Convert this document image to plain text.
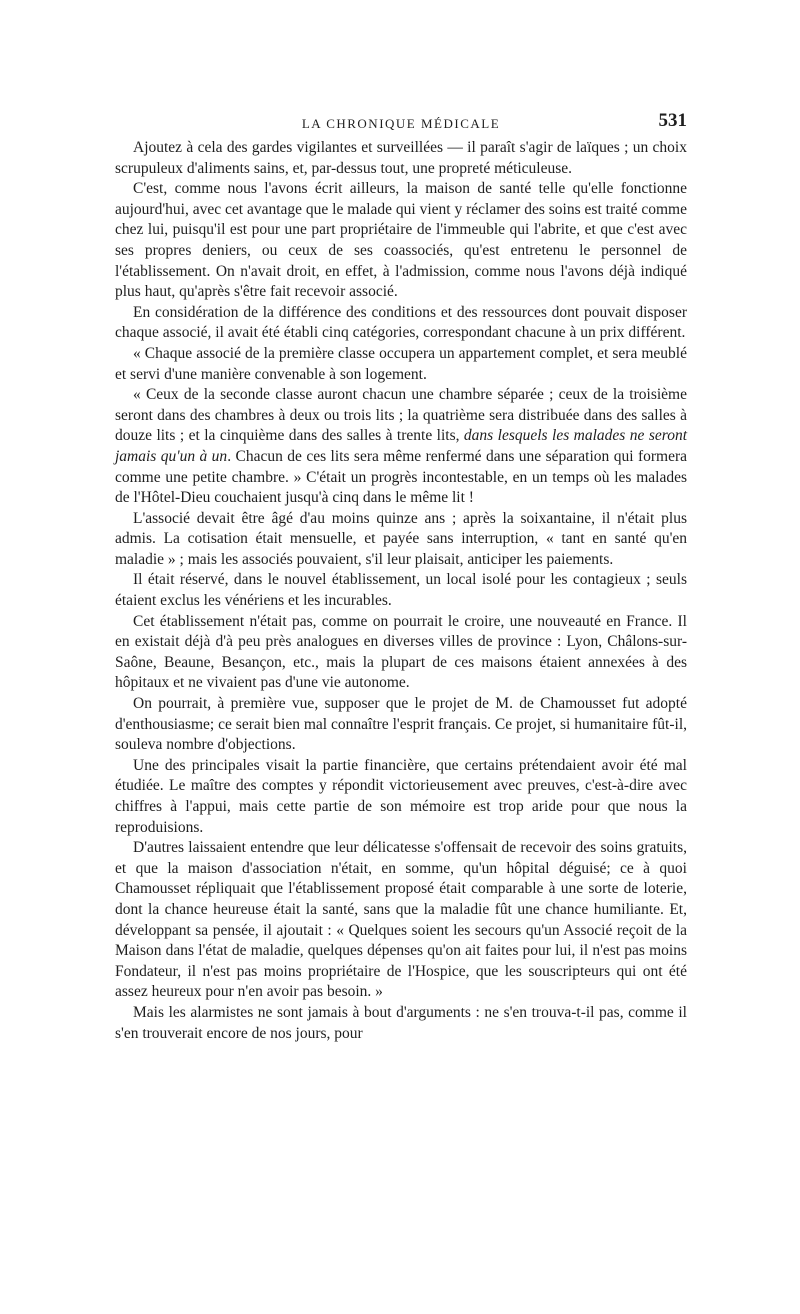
LA CHRONIQUE MÉDICALE	531

Ajoutez à cela des gardes vigilantes et surveillées — il paraît s'agir de laïques ; un choix scrupuleux d'aliments sains, et, par-dessus tout, une propreté méticuleuse.

C'est, comme nous l'avons écrit ailleurs, la maison de santé telle qu'elle fonctionne aujourd'hui, avec cet avantage que le malade qui vient y réclamer des soins est traité comme chez lui, puisqu'il est pour une part propriétaire de l'immeuble qui l'abrite, et que c'est avec ses propres deniers, ou ceux de ses coassociés, qu'est entretenu le personnel de l'établissement. On n'avait droit, en effet, à l'admission, comme nous l'avons déjà indiqué plus haut, qu'après s'être fait recevoir associé.

En considération de la différence des conditions et des ressources dont pouvait disposer chaque associé, il avait été établi cinq catégories, correspondant chacune à un prix différent.

« Chaque associé de la première classe occupera un appartement complet, et sera meublé et servi d'une manière convenable à son logement.

« Ceux de la seconde classe auront chacun une chambre séparée ; ceux de la troisième seront dans des chambres à deux ou trois lits ; la quatrième sera distribuée dans des salles à douze lits ; et la cinquième dans des salles à trente lits, dans lesquels les malades ne seront jamais qu'un à un. Chacun de ces lits sera même renfermé dans une séparation qui formera comme une petite chambre. » C'était un progrès incontestable, en un temps où les malades de l'Hôtel-Dieu couchaient jusqu'à cinq dans le même lit !

L'associé devait être âgé d'au moins quinze ans ; après la soixantaine, il n'était plus admis. La cotisation était mensuelle, et payée sans interruption, « tant en santé qu'en maladie » ; mais les associés pouvaient, s'il leur plaisait, anticiper les paiements.

Il était réservé, dans le nouvel établissement, un local isolé pour les contagieux ; seuls étaient exclus les vénériens et les incurables.

Cet établissement n'était pas, comme on pourrait le croire, une nouveauté en France. Il en existait déjà d'à peu près analogues en diverses villes de province : Lyon, Châlons-sur-Saône, Beaune, Besançon, etc., mais la plupart de ces maisons étaient annexées à des hôpitaux et ne vivaient pas d'une vie autonome.

On pourrait, à première vue, supposer que le projet de M. de Chamousset fut adopté d'enthousiasme; ce serait bien mal connaître l'esprit français. Ce projet, si humanitaire fût-il, souleva nombre d'objections.

Une des principales visait la partie financière, que certains prétendaient avoir été mal étudiée. Le maître des comptes y répondit victorieusement avec preuves, c'est-à-dire avec chiffres à l'appui, mais cette partie de son mémoire est trop aride pour que nous la reproduisions.

D'autres laissaient entendre que leur délicatesse s'offensait de recevoir des soins gratuits, et que la maison d'association n'était, en somme, qu'un hôpital déguisé; ce à quoi Chamousset répliquait que l'établissement proposé était comparable à une sorte de loterie, dont la chance heureuse était la santé, sans que la maladie fût une chance humiliante. Et, développant sa pensée, il ajoutait : « Quelques soient les secours qu'un Associé reçoit de la Maison dans l'état de maladie, quelques dépenses qu'on ait faites pour lui, il n'est pas moins Fondateur, il n'est pas moins propriétaire de l'Hospice, que les souscripteurs qui ont été assez heureux pour n'en avoir pas besoin. »

Mais les alarmistes ne sont jamais à bout d'arguments : ne s'en trouva-t-il pas, comme il s'en trouverait encore de nos jours, pour
